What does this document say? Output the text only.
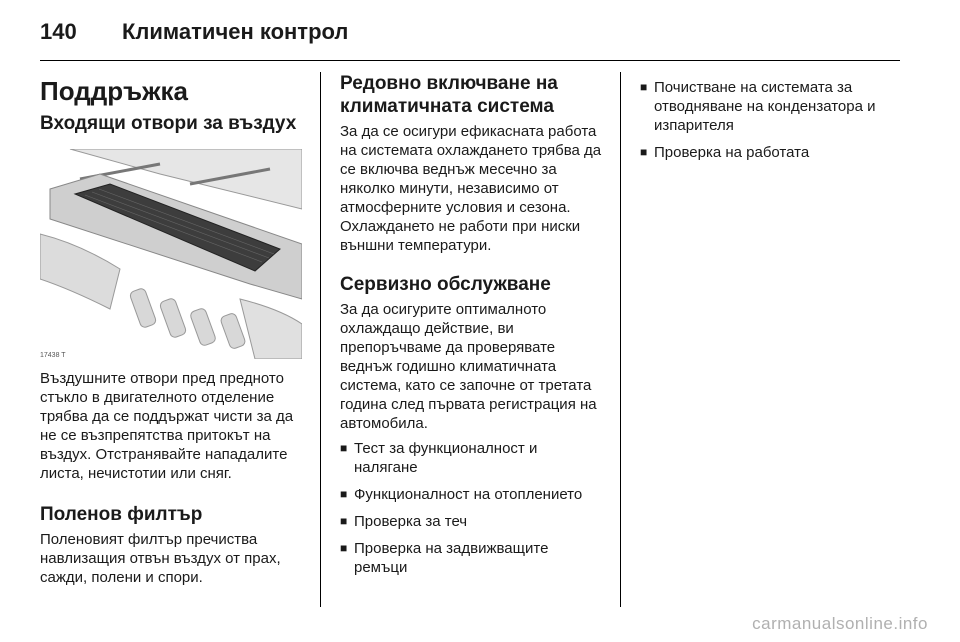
140	Климатичен контрол
Поддръжка
Входящи отвори за въздух
17438 T

Въздушните отвори пред предното стъкло в двигателното отделение трябва да се поддържат чисти за да не се възпрепятства притокът на въздух. Отстранявайте нападалите листа, нечистотии или сняг.

Поленов филтър

Поленовият филтър пречиства навлизащия отвън въздух от прах, сажди, полени и спори.

Редовно включване на климатичната система

За да се осигури ефикасната работа на системата охлаждането трябва да се включва веднъж месечно за няколко минути, независимо от атмосферните условия и сезона. Охлаждането не работи при ниски външни температури.

Сервизно обслужване

За да осигурите оптималното охлаждащо действие, ви препоръчваме да проверявате веднъж годишно климатичната система, като се започне от третата година след първата регистрация на автомобила.

■ Тест за функционалност и налягане
■ Функционалност на отоплението
■ Проверка за теч
■ Проверка на задвижващите ремъци
■ Почистване на системата за отводняване на кондензатора и изпарителя
■ Проверка на работата
carmanualsonline.info
